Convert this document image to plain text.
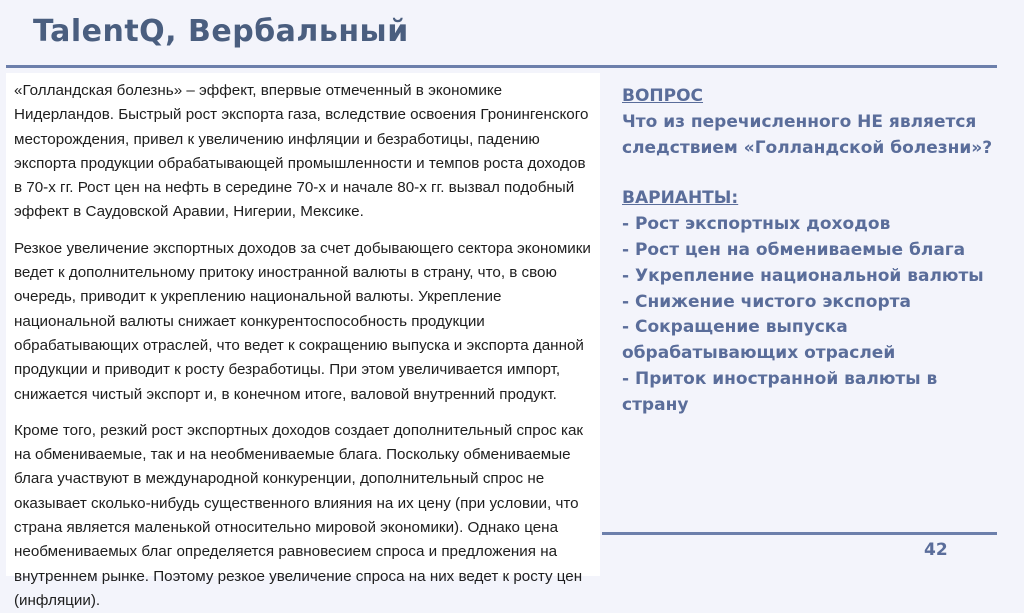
TalentQ, Вербальный

«Голландская болезнь» – эффект, впервые отмеченный в экономике Нидерландов. Быстрый рост экспорта газа, вследствие освоения Гронингенского месторождения, привел к увеличению инфляции и безработицы, падению экспорта продукции обрабатывающей промышленности и темпов роста доходов в 70-х гг. Рост цен на нефть в середине 70-х и начале 80-х гг. вызвал подобный эффект в Саудовской Аравии, Нигерии, Мексике.

Резкое увеличение экспортных доходов за счет добывающего сектора экономики ведет к дополнительному притоку иностранной валюты в страну, что, в свою очередь, приводит к укреплению национальной валюты. Укрепление национальной валюты снижает конкурентоспособность продукции обрабатывающих отраслей, что ведет к сокращению выпуска и экспорта данной продукции и приводит к росту безработицы. При этом увеличивается импорт, снижается чистый экспорт и, в конечном итоге, валовой внутренний продукт.

Кроме того, резкий рост экспортных доходов создает дополнительный спрос как на обмениваемые, так и на необмениваемые блага. Поскольку обмениваемые блага участвуют в международной конкуренции, дополнительный спрос не оказывает сколько-нибудь существенного влияния на их цену (при условии, что страна является маленькой относительно мировой экономики). Однако цена необмениваемых благ определяется равновесием спроса и предложения на внутреннем рынке. Поэтому резкое увеличение спроса на них ведет к росту цен (инфляции).

ВОПРОС
Что из перечисленного НЕ является следствием «Голландской болезни»?
ВАРИАНТЫ:
- Рост экспортных доходов
- Рост цен на обмениваемые блага
- Укрепление национальной валюты
- Снижение чистого экспорта
- Сокращение выпуска обрабатывающих отраслей
- Приток иностранной валюты в страну
42
